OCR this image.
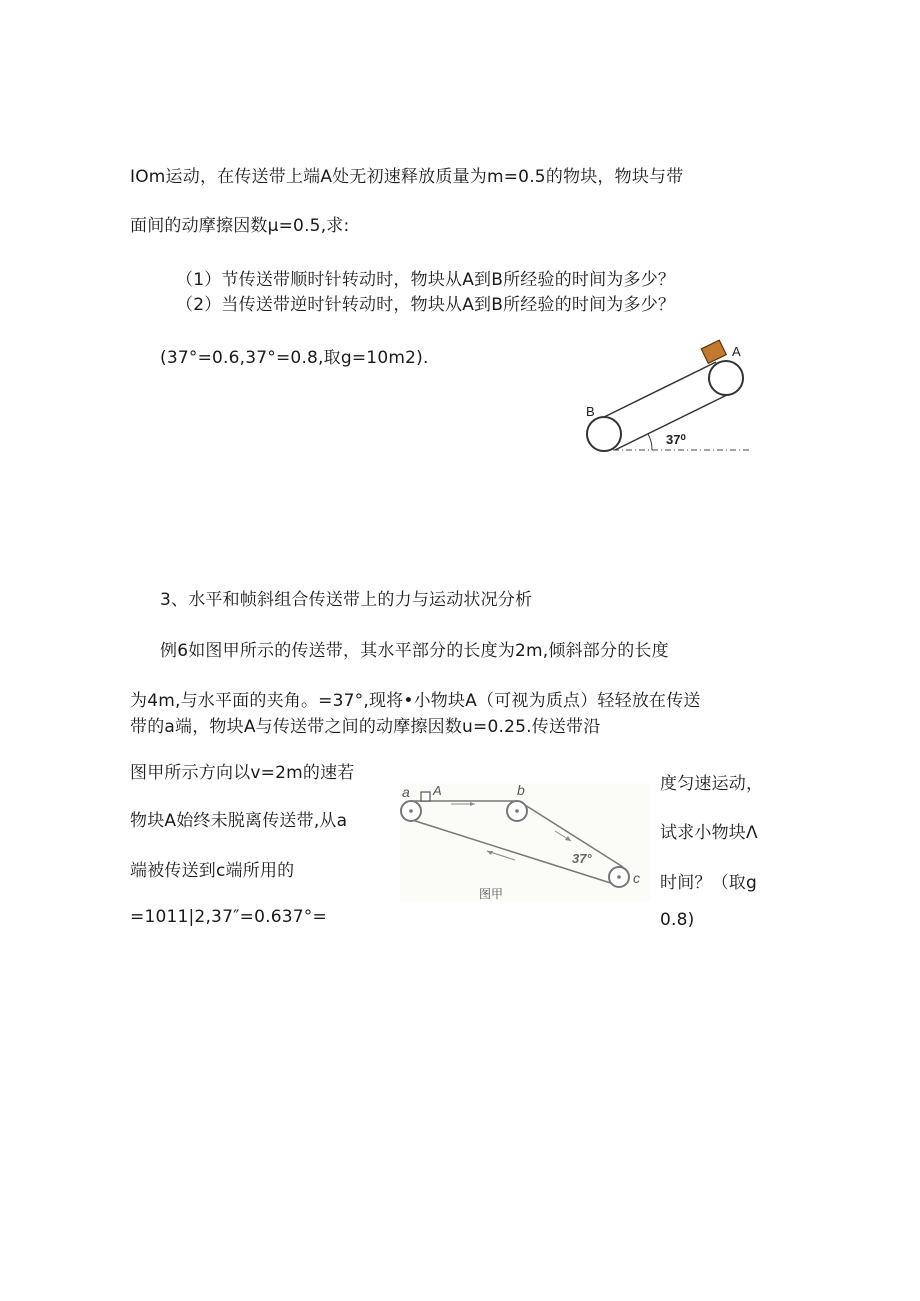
IOm运动，在传送带上端A处无初速释放质量为m=0.5的物块，物块与带
面间的动摩擦因数μ=0.5,求:
（1）节传送带顺时针转动时，物块从A到B所经验的时间为多少？
（2）当传送带逆时针转动时，物块从A到B所经验的时间为多少？
(37°=0.6,37°=0.8,取g=10m2).
B
A
37⁰
3、水平和帧斜组合传送带上的力与运动状况分析
例6如图甲所示的传送带，其水平部分的长度为2m,倾斜部分的长度
为4m,与水平面的夹角。=37°,现将•小物块A（可视为质点）轻轻放在传送
带的a端，物块A与传送带之间的动摩擦因数u=0.25.传送带沿
图甲所示方向以v=2m的速若
物块A始终未脱离传送带,从a
端被传送到c端所用的
=1011|2,37″=0.637°=
度匀速运动，
试求小物块Λ
时间？（取g
0.8)
a A	b
c
37°
图甲
